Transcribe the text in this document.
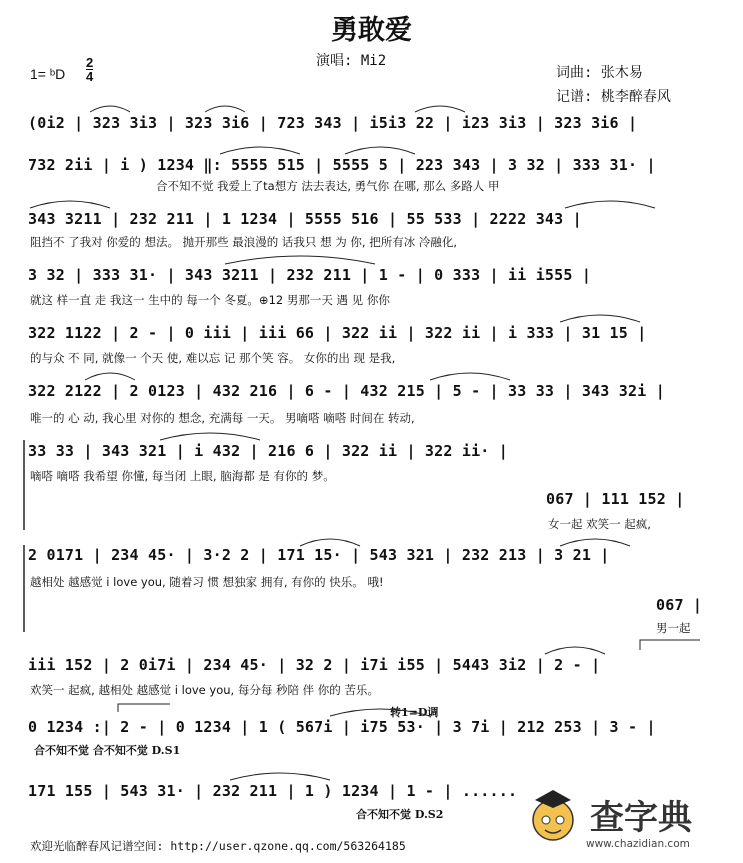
勇敢爱
演唱: Mi2
1= ᵇD
2
4	词曲: 张木易
记谱: 桃李醉春风
(0i2 | 323 3i3 | 323 3i6 | 723 343 | i5i3 22 | i23 3i3 | 323 3i6 |
732 2ii | i ) 1234 ‖: 5555 515 | 5555 5 | 223 343 | 3 32 | 333 31· |
合不知不觉 我爱上了ta想方 法去表达, 勇气你 在哪, 那么 多路人 甲
343 3211 | 232 211 | 1 1234 | 5555 516 | 55 533 | 2222 343 |
阻挡不 了我对 你爱的 想法。 抛开那些 最浪漫的 话我只 想 为 你, 把所有冰 冷融化,
3 32 | 333 31· | 343 3211 | 232 211 | 1 - | 0 333 | ii i555 |
就这 样一直 走 我这一 生中的 每一个 冬夏。⊕12 男那一天 遇 见 你你
322 1122 | 2 - | 0 iii | iii 66 | 322 ii | 322 ii | i 333 | 31 15 |
的与众 不 同, 就像一 个天 使, 难以忘 记 那个笑 容。 女你的出 现 是我,
322 2122 | 2 0123 | 432 216 | 6 - | 432 215 | 5 - | 33 33 | 343 32i |
唯一的 心 动, 我心里 对你的 想念, 充满每 一天。 男嘀嗒 嘀嗒 时间在 转动,
33 33 | 343 321 | i 432 | 216 6 | 322 ii | 322 ii· |
嘀嗒 嘀嗒 我希望 你懂, 每当闭 上眼, 脑海都 是 有你的 梦。
067 | 111 152 |
女一起 欢笑一 起疯,
2 0171 | 234 45· | 3·2 2 | 171 15· | 543 321 | 232 213 | 3 21 |
越相处 越感觉 i love you, 随着习 惯 想独家 拥有, 有你的 快乐。 哦!
067 |
男一起
iii 152 | 2 0i7i | 234 45· | 32 2 | i7i i55 | 5443 3i2 | 2 - |
欢笑一 起疯, 越相处 越感觉 i love you, 每分每 秒陪 伴 你的 苦乐。
转1=D调
0 1234 :| 2 - | 0 1234 | 1 ( 567i | i75 53· | 3 7i | 212 253 | 3 - |
合不知不觉 合不知不觉 D.S1
171 155 | 543 31· | 232 211 | 1 ) 1234 | 1 - | ......
合不知不觉 D.S2	查字典
www.chazidian.com
欢迎光临醉春风记谱空间: http://user.qzone.qq.com/563264185
